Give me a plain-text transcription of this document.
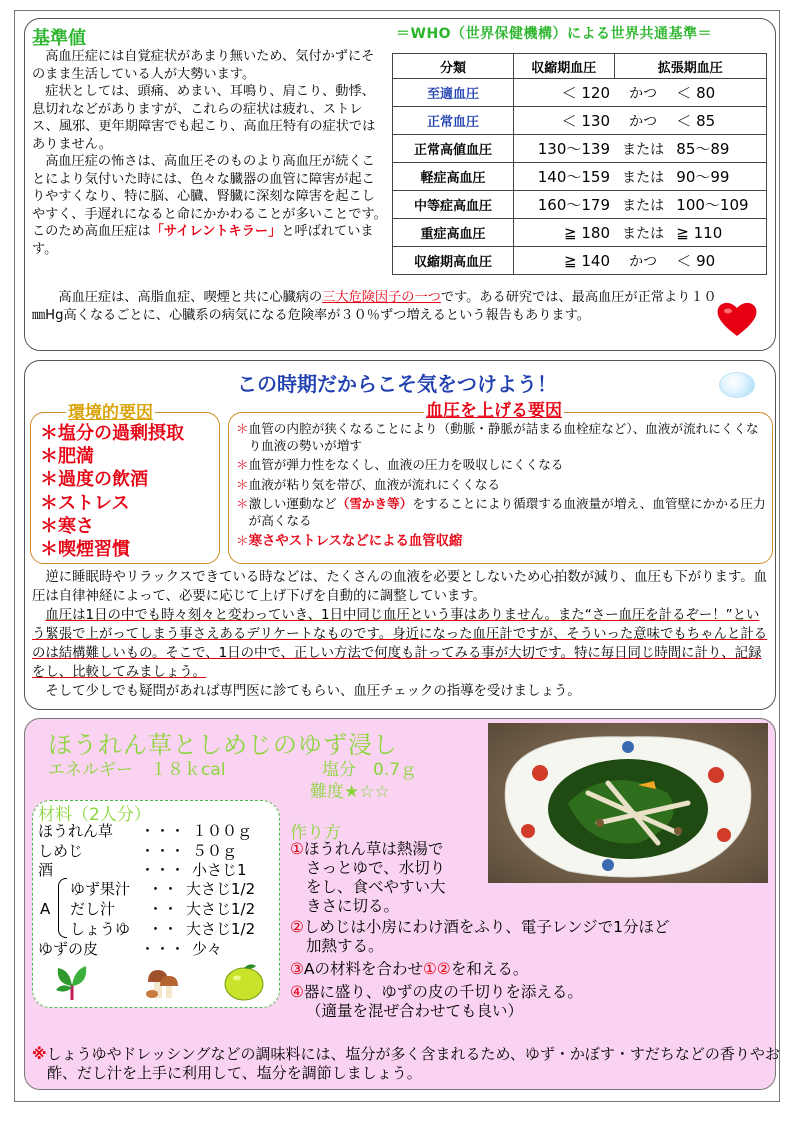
基準値	＝WHO（世界保健機構）による世界共通基準＝
高血圧症には自覚症状があまり無いため、気付かずにそのまま生活している人が大勢います。
症状としては、頭痛、めまい、耳鳴り、肩こり、動悸、息切れなどがありますが、これらの症状は疲れ、ストレス、風邪、更年期障害でも起こり、高血圧特有の症状ではありません。
高血圧症の怖さは、高血圧そのものより高血圧が続くことにより気付いた時には、色々な臓器の血管に障害が起こりやすくなり、特に脳、心臓、腎臓に深刻な障害を起こしやすく、手遅れになると命にかかわることが多いことです。このため高血圧症は「サイレントキラー」と呼ばれています。
分類	収縮期血圧	拡張期血圧	
至適血圧	＜ 120	かつ	＜ 80
正常血圧	＜ 130	かつ	＜ 85
正常高値血圧	130～139	または	85～89
軽症高血圧	140～159	または	90～99
中等症高血圧	160～179	または	100～109
重症高血圧	≧ 180	または	≧ 110
収縮期高血圧	≧ 140	かつ	＜ 90
高血圧症は、高脂血症、喫煙と共に心臓病の三大危険因子の一つです。ある研究では、最高血圧が正常より１０㎜Hg高くなるごとに、心臓系の病気になる危険率が３０％ずつ増えるという報告もあります。
この時期だからこそ気をつけよう！
環境的要因
＊塩分の過剰摂取
＊肥満
＊過度の飲酒
＊ストレス
＊寒さ
＊喫煙習慣
血圧を上げる要因
＊血管の内腔が狭くなることにより（動脈・静脈が詰まる血栓症など）、血液が流れにくくなり血液の勢いが増す
＊血管が弾力性をなくし、血液の圧力を吸収しにくくなる
＊血液が粘り気を帯び、血液が流れにくくなる
＊激しい運動など（雪かき等）をすることにより循環する血液量が増え、血管壁にかかる圧力が高くなる
＊寒さやストレスなどによる血管収縮
逆に睡眠時やリラックスできている時などは、たくさんの血液を必要としないため心拍数が減り、血圧も下がります。血圧は自律神経によって、必要に応じて上げ下げを自動的に調整しています。
血圧は1日の中でも時々刻々と変わっていき、1日中同じ血圧という事はありません。また“さー血圧を計るぞー！”という緊張で上がってしまう事さえあるデリケートなものです。身近になった血圧計ですが、そういった意味でもちゃんと計るのは結構難しいもの。そこで、1日の中で、正しい方法で何度も計ってみる事が大切です。特に毎日同じ時間に計り、記録をし、比較してみましょう。
そして少しでも疑問があれば専門医に診てもらい、血圧チェックの指導を受けましょう。
ほうれん草としめじのゆず浸し
エネルギー　１８ｋcal	塩分　0.7ｇ
難度★☆☆
材料（2人分）
ほうれん草 ・・・ １００ｇ
しめじ	・・・ ５０ｇ
酒	・・・ 小さじ1
A
ゆず果汁 ・・ 大さじ1/2
だし汁 ・・ 大さじ1/2
しょうゆ ・・ 大さじ1/2
ゆずの皮	・・・ 少々
作り方
①ほうれん草は熱湯で
さっとゆで、水切り
をし、食べやすい大
きさに切る。
②しめじは小房にわけ酒をふり、電子レンジで1分ほど
加熱する。
③Aの材料を合わせ①②を和える。
④器に盛り、ゆずの皮の千切りを添える。
（適量を混ぜ合わせても良い）
※しょうゆやドレッシングなどの調味料には、塩分が多く含まれるため、ゆず・かぼす・すだちなどの香りやお酢、だし汁を上手に利用して、塩分を調節しましょう。
